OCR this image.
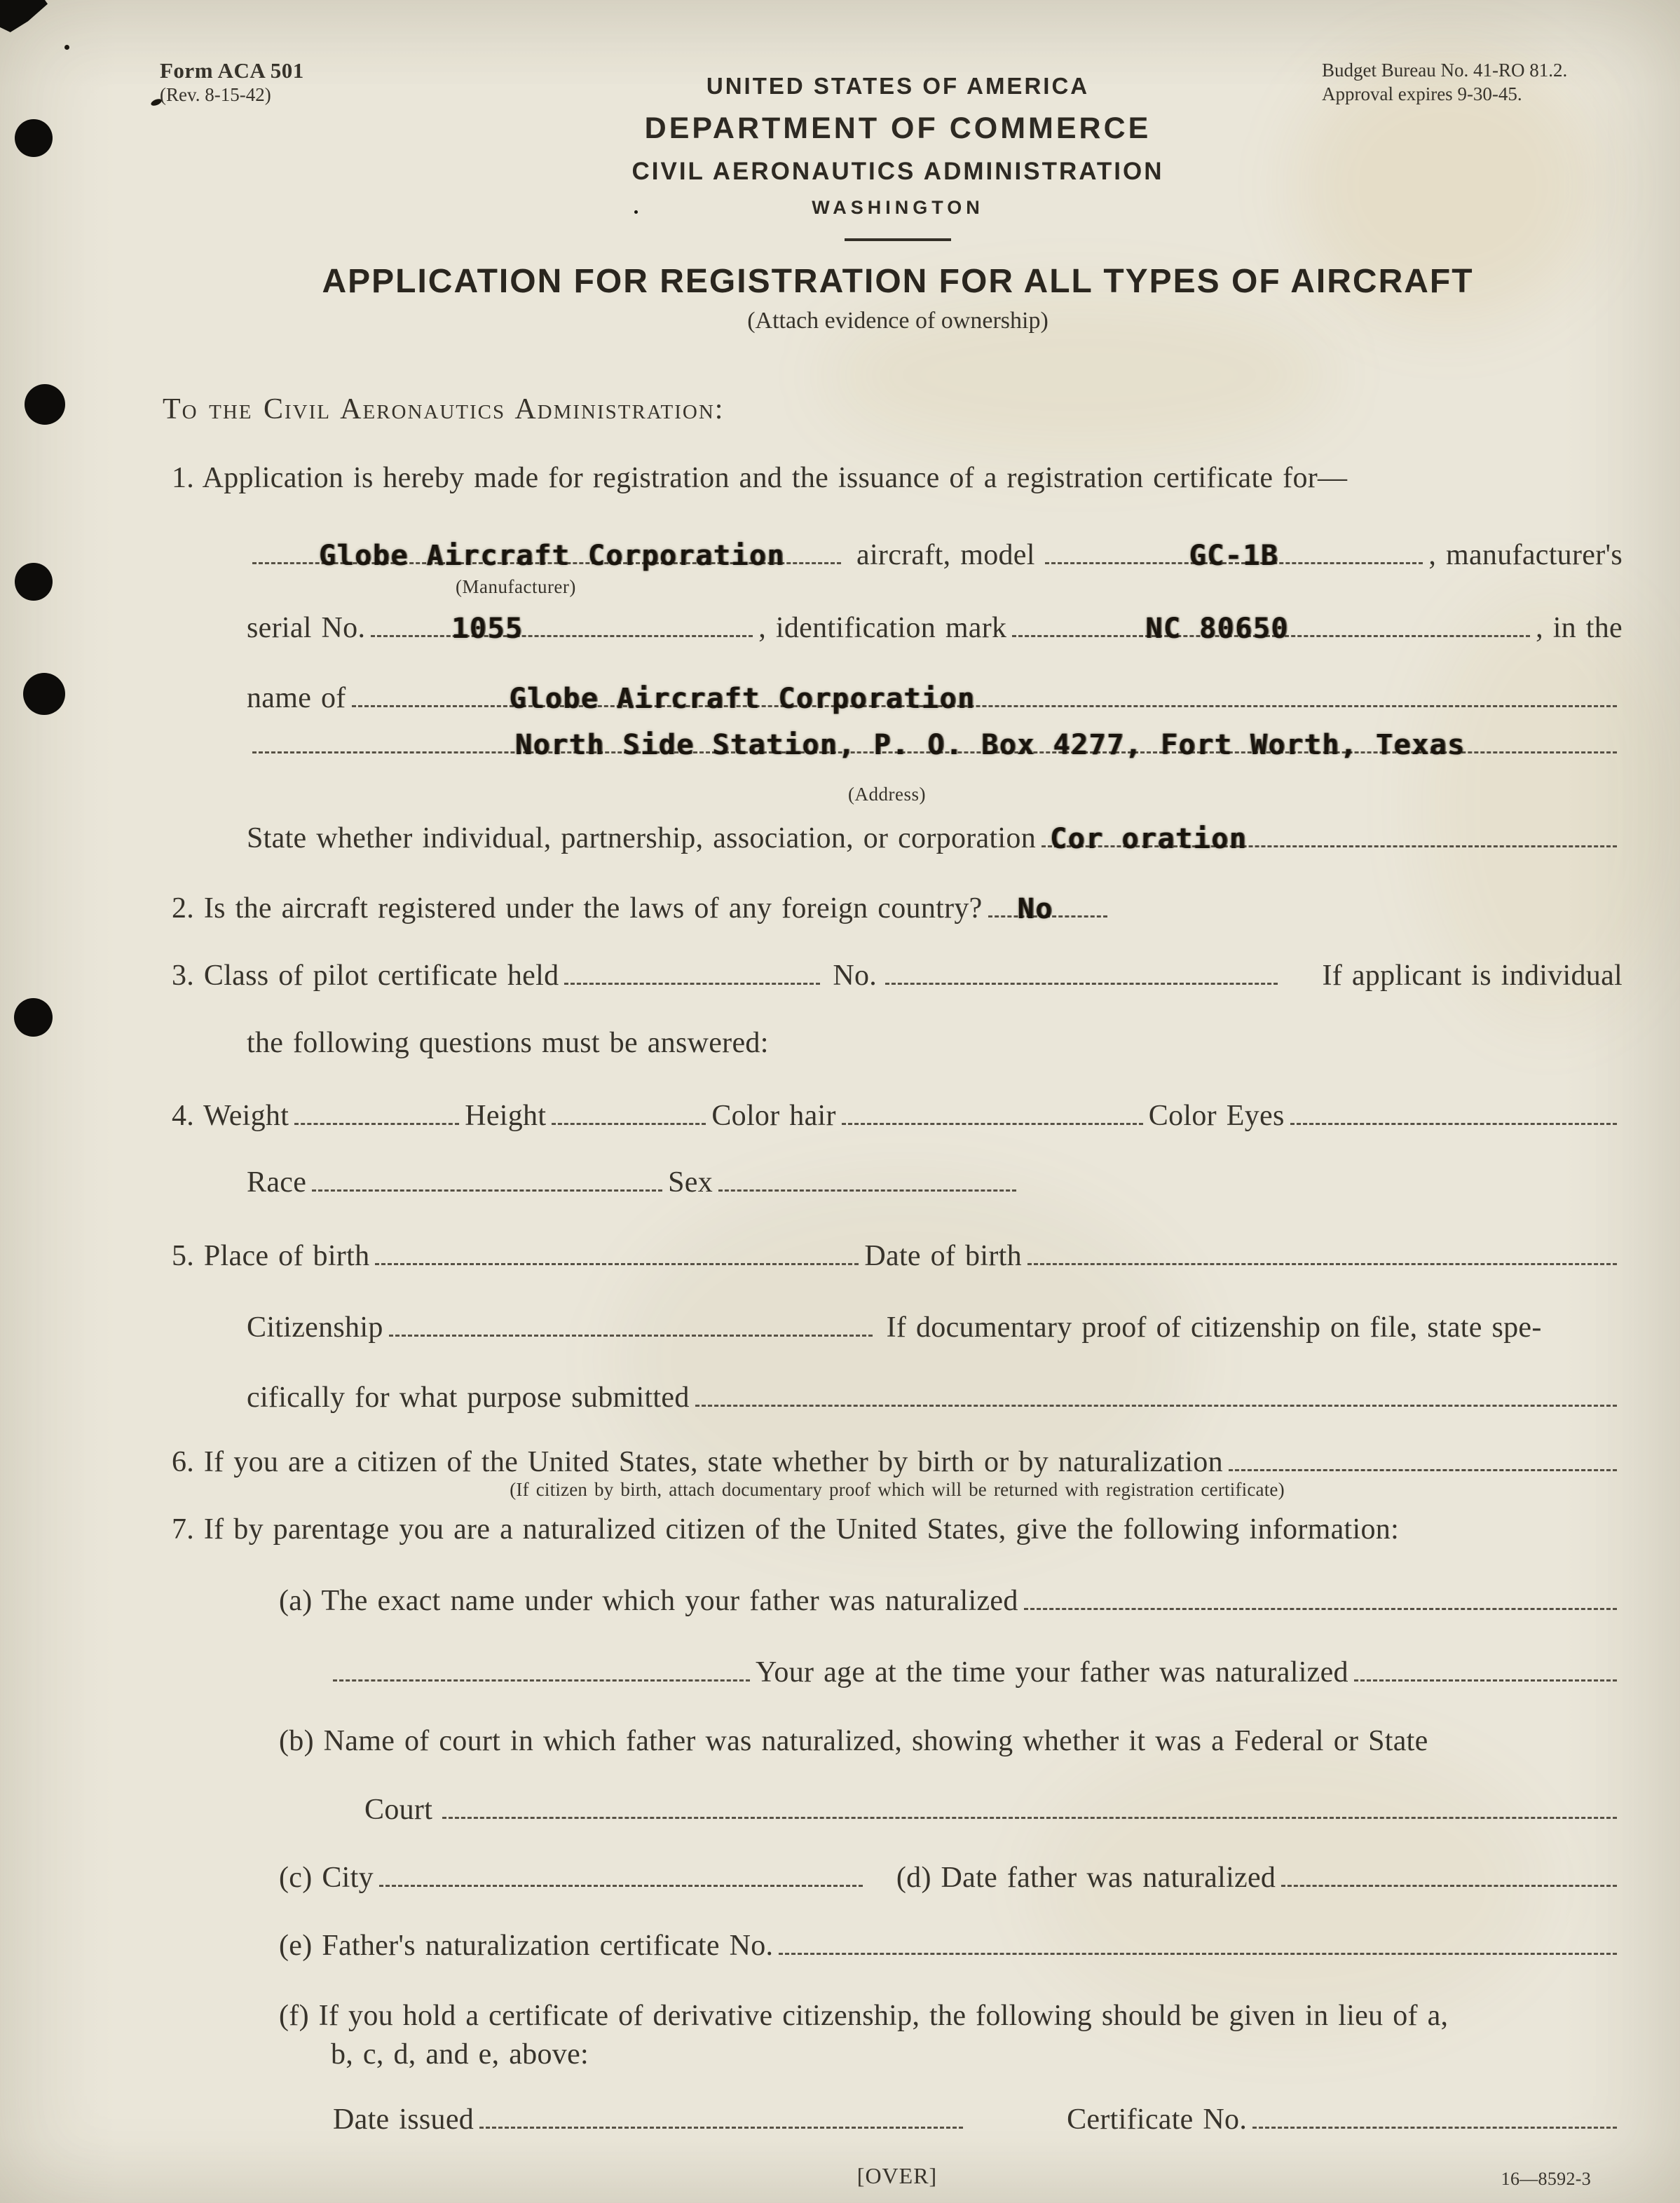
Form ACA 501
(Rev. 8-15-42)
Budget Bureau No. 41-RO 81.2.
Approval expires 9-30-45.
UNITED STATES OF AMERICA
DEPARTMENT OF COMMERCE
CIVIL AERONAUTICS ADMINISTRATION
WASHINGTON
APPLICATION FOR REGISTRATION FOR ALL TYPES OF AIRCRAFT
(Attach evidence of ownership)
To the Civil Aeronautics Administration:
1. Application is hereby made for registration and the issuance of a registration certificate for—
Globe Aircraft Corporation aircraft, model	GC-1B	, manufacturer's
(Manufacturer)
serial No.	1055	, identification mark	NC 80650	, in the
name of	Globe Aircraft Corporation
North Side Station, P. O. Box 4277, Fort Worth, Texas
(Address)
State whether individual, partnership, association, or corporation Cor oration
2. Is the aircraft registered under the laws of any foreign country? No
3. Class of pilot certificate held	No.	If applicant is individual
the following questions must be answered:
4. Weight	Height	Color hair	Color Eyes
Race	Sex
5. Place of birth	Date of birth
Citizenship	If documentary proof of citizenship on file, state spe-
cifically for what purpose submitted
6. If you are a citizen of the United States, state whether by birth or by naturalization
(If citizen by birth, attach documentary proof which will be returned with registration certificate)
7. If by parentage you are a naturalized citizen of the United States, give the following information:
(a) The exact name under which your father was naturalized
Your age at the time your father was naturalized
(b) Name of court in which father was naturalized, showing whether it was a Federal or State
Court
(c) City	(d) Date father was naturalized
(e) Father's naturalization certificate No.
(f) If you hold a certificate of derivative citizenship, the following should be given in lieu of a,
b, c, d, and e, above:
Date issued	Certificate No.
[OVER]	16—8592-3
